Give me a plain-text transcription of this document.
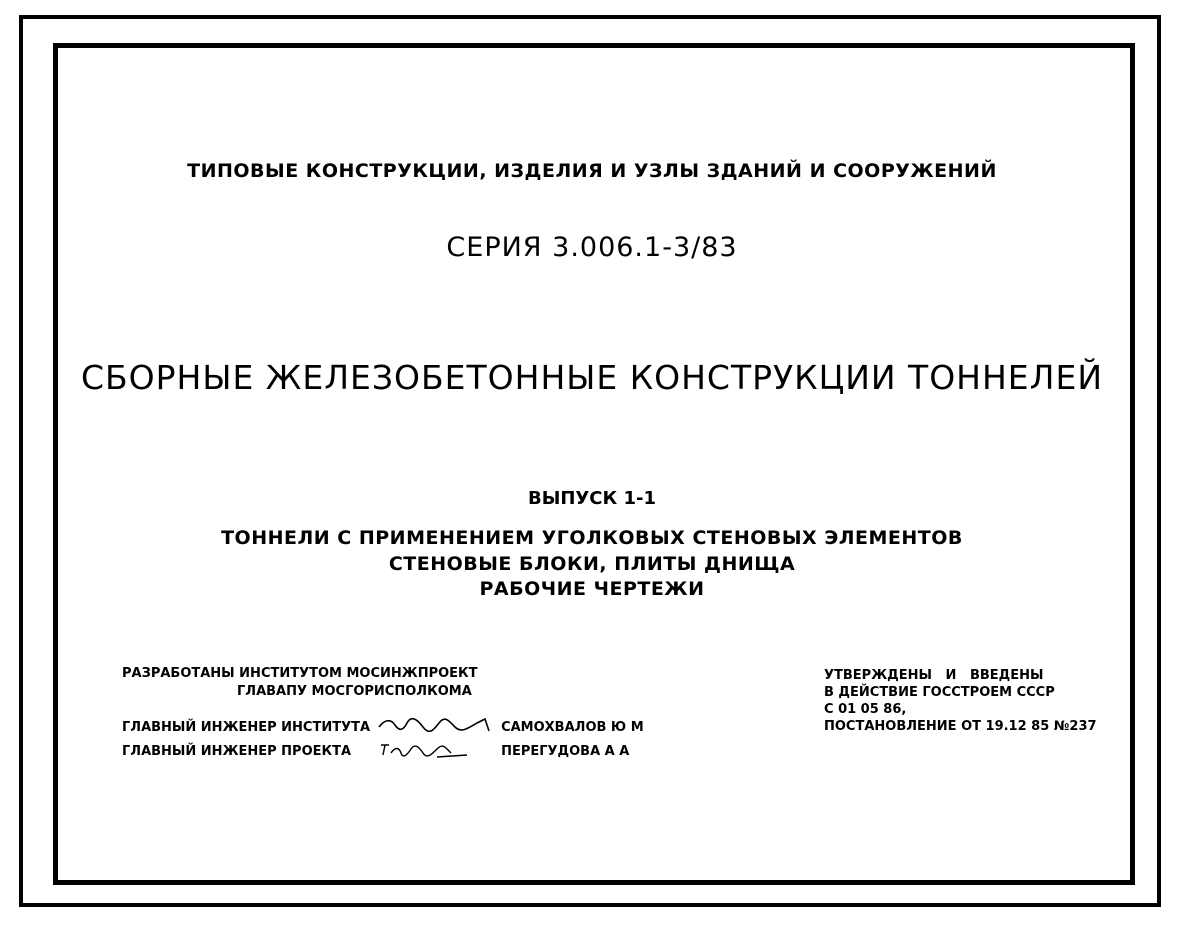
ТИПОВЫЕ КОНСТРУКЦИИ, ИЗДЕЛИЯ И УЗЛЫ ЗДАНИЙ И СООРУЖЕНИЙ
СЕРИЯ 3.006.1-3/83
СБОРНЫЕ ЖЕЛЕЗОБЕТОННЫЕ КОНСТРУКЦИИ ТОННЕЛЕЙ
ВЫПУСК 1-1
ТОННЕЛИ С ПРИМЕНЕНИЕМ УГОЛКОВЫХ СТЕНОВЫХ ЭЛЕМЕНТОВ
СТЕНОВЫЕ БЛОКИ, ПЛИТЫ ДНИЩА
РАБОЧИЕ ЧЕРТЕЖИ
РАЗРАБОТАНЫ ИНСТИТУТОМ МОСИНЖПРОЕКТ
ГЛАВАПУ МОСГОРИСПОЛКОМА
ГЛАВНЫЙ ИНЖЕНЕР ИНСТИТУТА	САМОХВАЛОВ Ю М
ГЛАВНЫЙ ИНЖЕНЕР ПРОЕКТА	ПЕРЕГУДОВА А А
УТВЕРЖДЕНЫ   И   ВВЕДЕНЫ
В ДЕЙСТВИЕ ГОССТРОЕМ СССР
С 01 05 86,
ПОСТАНОВЛЕНИЕ ОТ 19.12 85 №237
